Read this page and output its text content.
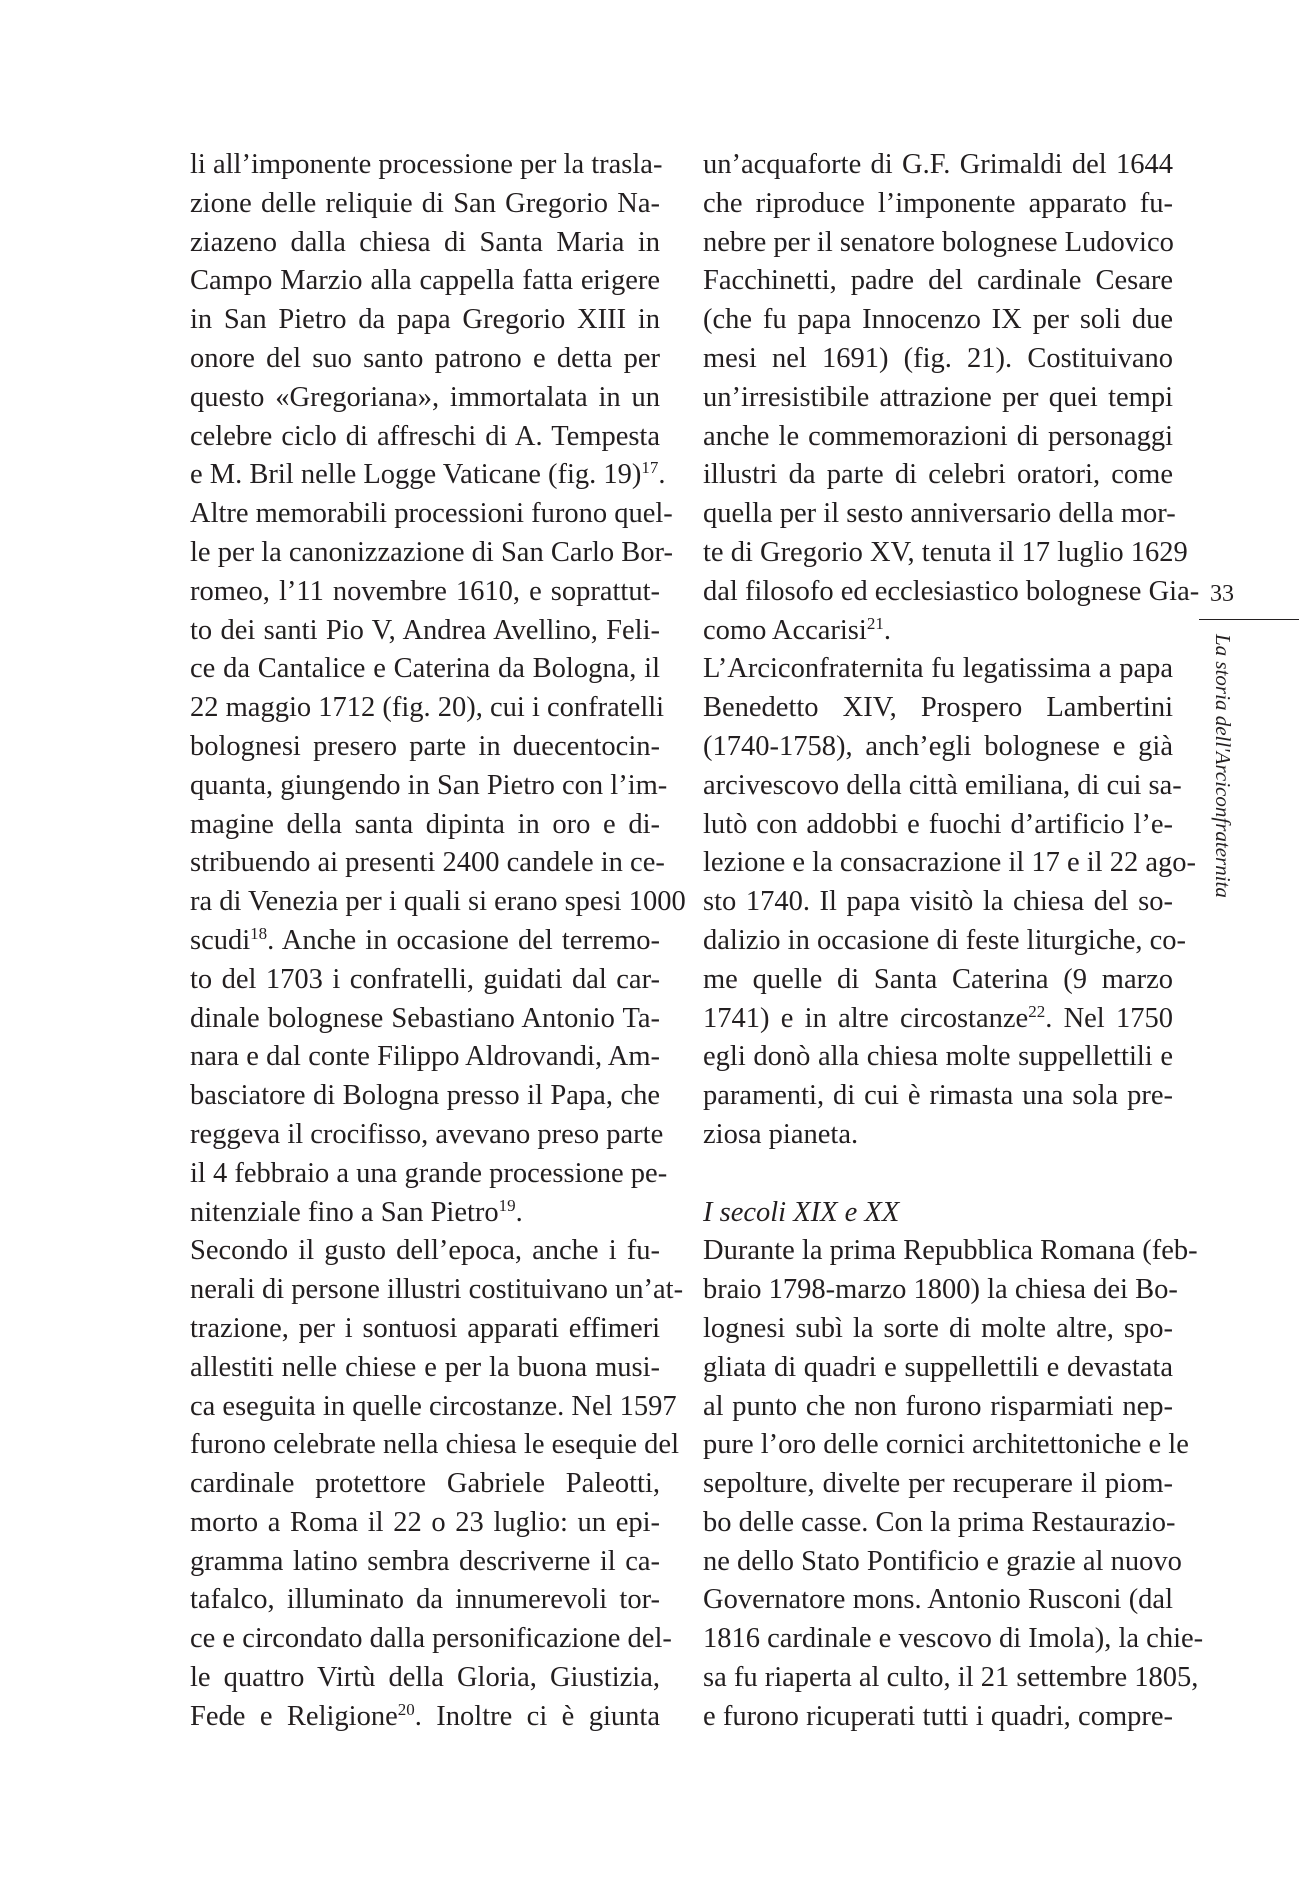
li all’imponente processione per la trasla-
zione delle reliquie di San Gregorio Na-
ziazeno dalla chiesa di Santa Maria in
Campo Marzio alla cappella fatta erigere
in San Pietro da papa Gregorio XIII in
onore del suo santo patrono e detta per
questo «Gregoriana», immortalata in un
celebre ciclo di affreschi di A. Tempesta
e M. Bril nelle Logge Vaticane (fig. 19)$^{17}$.
Altre memorabili processioni furono quel-
le per la canonizzazione di San Carlo Bor-
romeo, l’11 novembre 1610, e soprattut-
to dei santi Pio V, Andrea Avellino, Feli-
ce da Cantalice e Caterina da Bologna, il
22 maggio 1712 (fig. 20), cui i confratelli
bolognesi presero parte in duecentocin-
quanta, giungendo in San Pietro con l’im-
magine della santa dipinta in oro e di-
stribuendo ai presenti 2400 candele in ce-
ra di Venezia per i quali si erano spesi 1000
scudi$^{18}$. Anche in occasione del terremo-
to del 1703 i confratelli, guidati dal car-
dinale bolognese Sebastiano Antonio Ta-
nara e dal conte Filippo Aldrovandi, Am-
basciatore di Bologna presso il Papa, che
reggeva il crocifisso, avevano preso parte
il 4 febbraio a una grande processione pe-
nitenziale fino a San Pietro$^{19}$.
Secondo il gusto dell’epoca, anche i fu-
nerali di persone illustri costituivano un’at-
trazione, per i sontuosi apparati effimeri
allestiti nelle chiese e per la buona musi-
ca eseguita in quelle circostanze. Nel 1597
furono celebrate nella chiesa le esequie del
cardinale protettore Gabriele Paleotti,
morto a Roma il 22 o 23 luglio: un epi-
gramma latino sembra descriverne il ca-
tafalco, illuminato da innumerevoli tor-
ce e circondato dalla personificazione del-
le quattro Virtù della Gloria, Giustizia,
Fede e Religione$^{20}$. Inoltre ci è giunta
un’acquaforte di G.F. Grimaldi del 1644
che riproduce l’imponente apparato fu-
nebre per il senatore bolognese Ludovico
Facchinetti, padre del cardinale Cesare
(che fu papa Innocenzo IX per soli due
mesi nel 1691) (fig. 21). Costituivano
un’irresistibile attrazione per quei tempi
anche le commemorazioni di personaggi
illustri da parte di celebri oratori, come
quella per il sesto anniversario della mor-
te di Gregorio XV, tenuta il 17 luglio 1629
dal filosofo ed ecclesiastico bolognese Gia-
como Accarisi$^{21}$.
L’Arciconfraternita fu legatissima a papa
Benedetto XIV, Prospero Lambertini
(1740-1758), anch’egli bolognese e già
arcivescovo della città emiliana, di cui sa-
lutò con addobbi e fuochi d’artificio l’e-
lezione e la consacrazione il 17 e il 22 ago-
sto 1740. Il papa visitò la chiesa del so-
dalizio in occasione di feste liturgiche, co-
me quelle di Santa Caterina (9 marzo
1741) e in altre circostanze$^{22}$. Nel 1750
egli donò alla chiesa molte suppellettili e
paramenti, di cui è rimasta una sola pre-
ziosa pianeta.
I secoli XIX e XX
Durante la prima Repubblica Romana (feb-
braio 1798-marzo 1800) la chiesa dei Bo-
lognesi subì la sorte di molte altre, spo-
gliata di quadri e suppellettili e devastata
al punto che non furono risparmiati nep-
pure l’oro delle cornici architettoniche e le
sepolture, divelte per recuperare il piom-
bo delle casse. Con la prima Restaurazio-
ne dello Stato Pontificio e grazie al nuovo
Governatore mons. Antonio Rusconi (dal
1816 cardinale e vescovo di Imola), la chie-
sa fu riaperta al culto, il 21 settembre 1805,
e furono ricuperati tutti i quadri, compre-
33
La storia dell'Arciconfraternita
